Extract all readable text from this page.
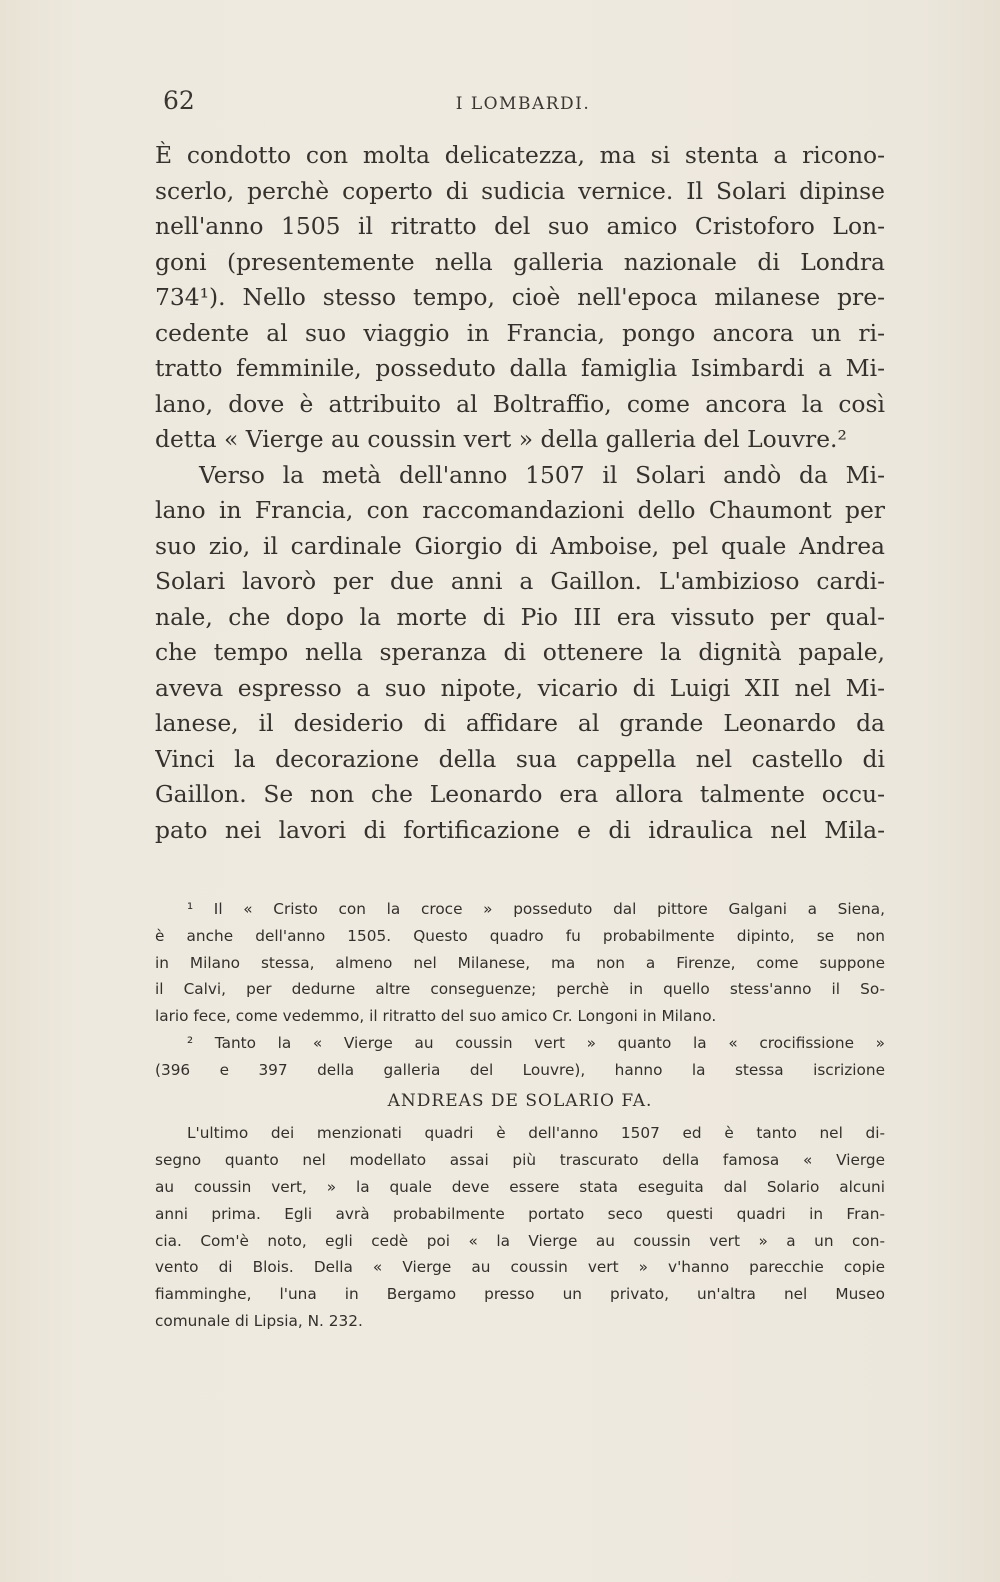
62	I LOMBARDI.
È condotto con molta delicatezza, ma si stenta a ricono-
scerlo, perchè coperto di sudicia vernice. Il Solari dipinse
nell'anno 1505 il ritratto del suo amico Cristoforo Lon-
goni (presentemente nella galleria nazionale di Londra
734¹). Nello stesso tempo, cioè nell'epoca milanese pre-
cedente al suo viaggio in Francia, pongo ancora un ri-
tratto femminile, posseduto dalla famiglia Isimbardi a Mi-
lano, dove è attribuito al Boltraffio, come ancora la così
detta « Vierge au coussin vert » della galleria del Louvre.²
Verso la metà dell'anno 1507 il Solari andò da Mi-
lano in Francia, con raccomandazioni dello Chaumont per
suo zio, il cardinale Giorgio di Amboise, pel quale Andrea
Solari lavorò per due anni a Gaillon. L'ambizioso cardi-
nale, che dopo la morte di Pio III era vissuto per qual-
che tempo nella speranza di ottenere la dignità papale,
aveva espresso a suo nipote, vicario di Luigi XII nel Mi-
lanese, il desiderio di affidare al grande Leonardo da
Vinci la decorazione della sua cappella nel castello di
Gaillon. Se non che Leonardo era allora talmente occu-
pato nei lavori di fortificazione e di idraulica nel Mila-
¹ Il « Cristo con la croce » posseduto dal pittore Galgani a Siena,
è anche dell'anno 1505. Questo quadro fu probabilmente dipinto, se non
in Milano stessa, almeno nel Milanese, ma non a Firenze, come suppone
il Calvi, per dedurne altre conseguenze; perchè in quello stess'anno il So-
lario fece, come vedemmo, il ritratto del suo amico Cr. Longoni in Milano.
² Tanto la « Vierge au coussin vert » quanto la « crocifissione »
(396 e 397 della galleria del Louvre), hanno la stessa iscrizione
ANDREAS DE SOLARIO FA.
L'ultimo dei menzionati quadri è dell'anno 1507 ed è tanto nel di-
segno quanto nel modellato assai più trascurato della famosa « Vierge
au coussin vert, » la quale deve essere stata eseguita dal Solario alcuni
anni prima. Egli avrà probabilmente portato seco questi quadri in Fran-
cia. Com'è noto, egli cedè poi « la Vierge au coussin vert » a un con-
vento di Blois. Della « Vierge au coussin vert » v'hanno parecchie copie
fiamminghe, l'una in Bergamo presso un privato, un'altra nel Museo
comunale di Lipsia, N. 232.
